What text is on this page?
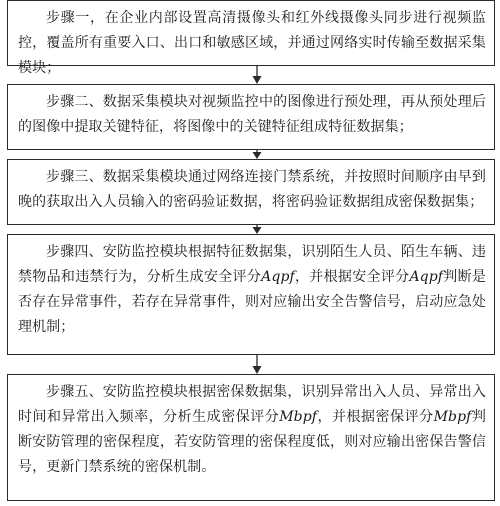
步骤一，在企业内部设置高清摄像头和红外线摄像头同步进行视频监控，覆盖所有重要入口、出口和敏感区域，并通过网络实时传输至数据采集模块；

步骤二、数据采集模块对视频监控中的图像进行预处理，再从预处理后的图像中提取关键特征，将图像中的关键特征组成特征数据集；

步骤三、数据采集模块通过网络连接门禁系统，并按照时间顺序由早到晚的获取出入人员输入的密码验证数据，将密码验证数据组成密保数据集；

步骤四、安防监控模块根据特征数据集，识别陌生人员、陌生车辆、违禁物品和违禁行为，分析生成安全评分Aqpf，并根据安全评分Aqpf判断是否存在异常事件，若存在异常事件，则对应输出安全告警信号，启动应急处理机制；

步骤五、安防监控模块根据密保数据集，识别异常出入人员、异常出入时间和异常出入频率，分析生成密保评分Mbpf，并根据密保评分Mbpf判断安防管理的密保程度，若安防管理的密保程度低，则对应输出密保告警信号，更新门禁系统的密保机制。
